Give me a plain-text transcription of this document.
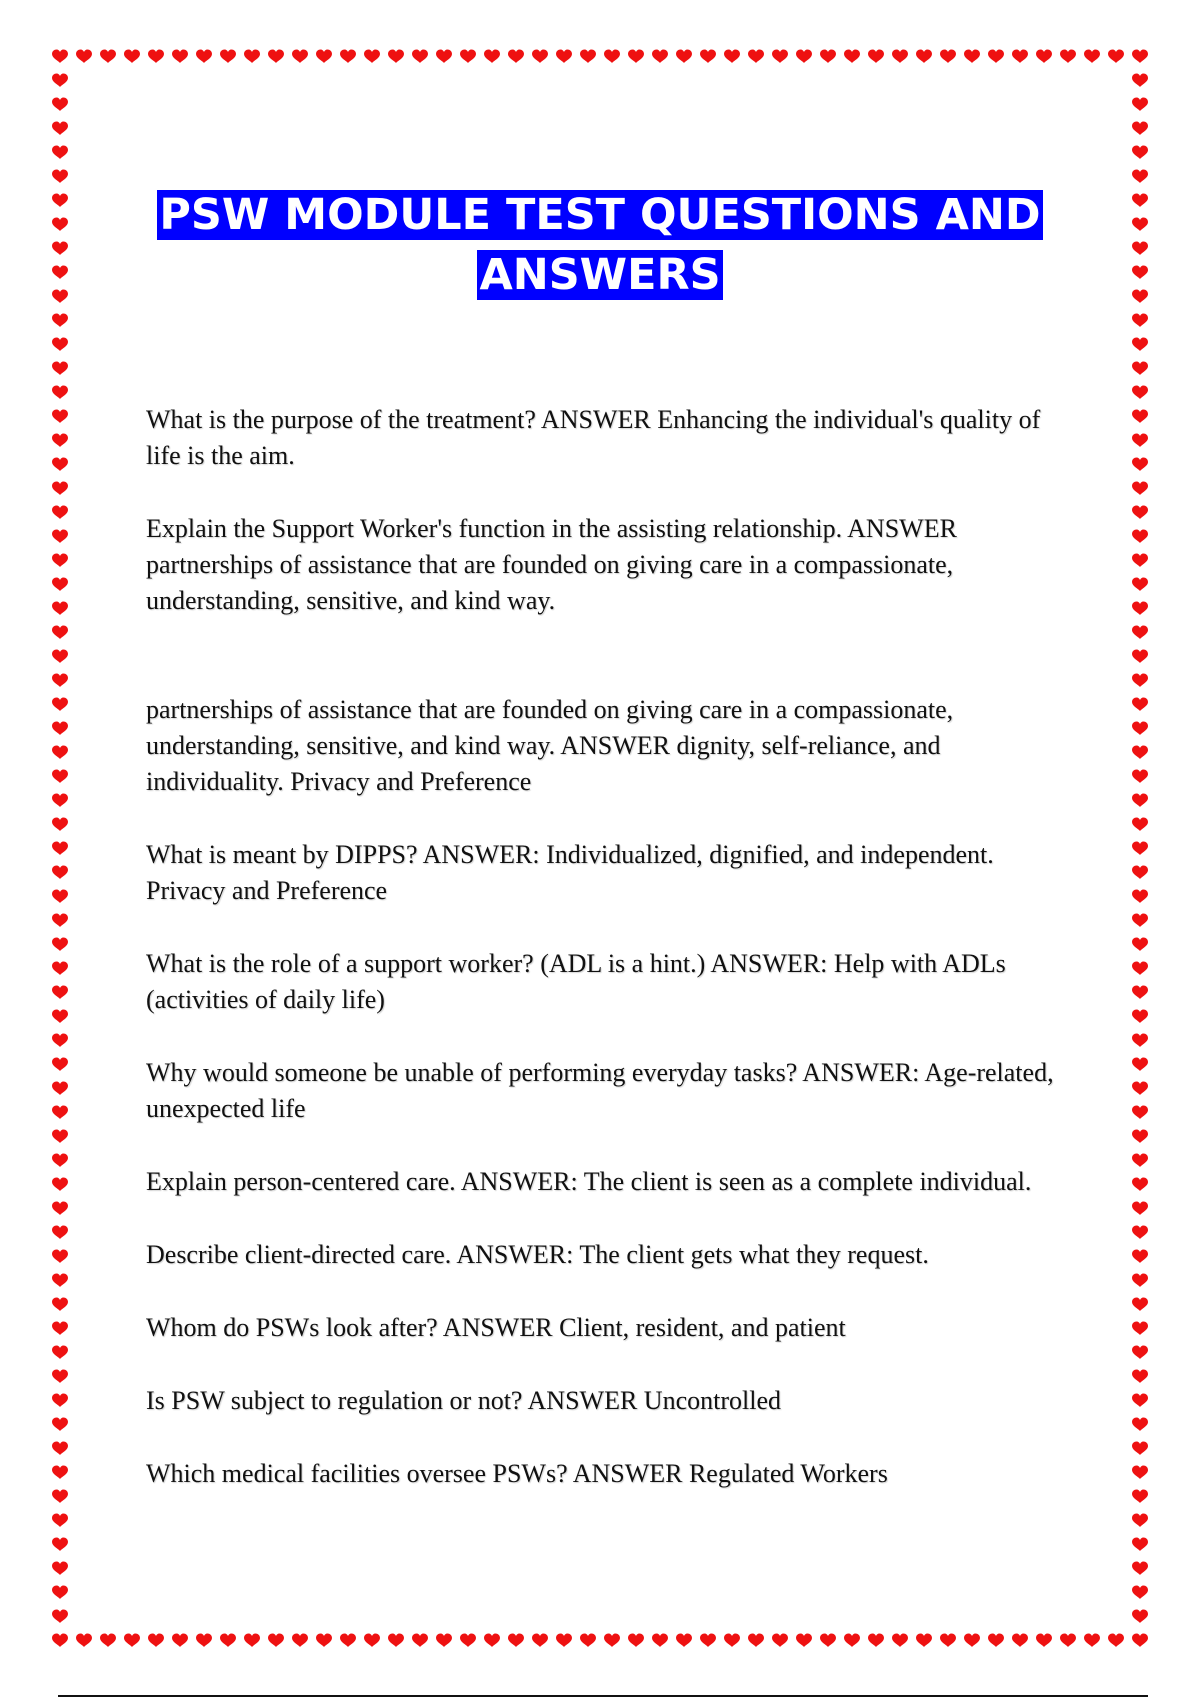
PSW MODULE TEST QUESTIONS AND ANSWERS

What is the purpose of the treatment? ANSWER Enhancing the individual's quality of life is the aim.

Explain the Support Worker's function in the assisting relationship. ANSWER partnerships of assistance that are founded on giving care in a compassionate, understanding, sensitive, and kind way.

partnerships of assistance that are founded on giving care in a compassionate, understanding, sensitive, and kind way. ANSWER dignity, self-reliance, and individuality. Privacy and Preference

What is meant by DIPPS? ANSWER: Individualized, dignified, and independent. Privacy and Preference

What is the role of a support worker? (ADL is a hint.) ANSWER: Help with ADLs (activities of daily life)

Why would someone be unable of performing everyday tasks? ANSWER: Age-related, unexpected life

Explain person-centered care. ANSWER: The client is seen as a complete individual.

Describe client-directed care. ANSWER: The client gets what they request.

Whom do PSWs look after? ANSWER Client, resident, and patient

Is PSW subject to regulation or not? ANSWER Uncontrolled

Which medical facilities oversee PSWs? ANSWER Regulated Workers
